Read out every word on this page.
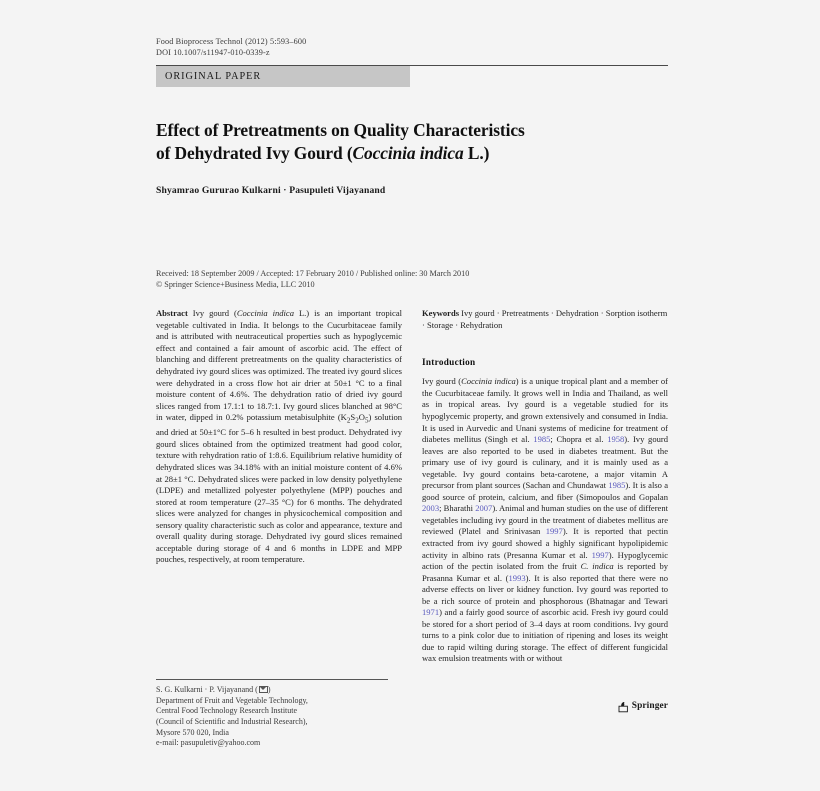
Food Bioprocess Technol (2012) 5:593–600
DOI 10.1007/s11947-010-0339-z
ORIGINAL PAPER
Effect of Pretreatments on Quality Characteristics
of Dehydrated Ivy Gourd (Coccinia indica L.)
Shyamrao Gururao Kulkarni · Pasupuleti Vijayanand
Received: 18 September 2009 / Accepted: 17 February 2010 / Published online: 30 March 2010
© Springer Science+Business Media, LLC 2010
Abstract Ivy gourd (Coccinia indica L.) is an important tropical vegetable cultivated in India. It belongs to the Cucurbitaceae family and is attributed with neutraceutical properties such as hypoglycemic effect and contained a fair amount of ascorbic acid. The effect of blanching and different pretreatments on the quality characteristics of dehydrated ivy gourd slices was optimized. The treated ivy gourd slices were dehydrated in a cross flow hot air drier at 50±1 °C to a final moisture content of 4.6%. The dehydration ratio of dried ivy gourd slices ranged from 17.1:1 to 18.7:1. Ivy gourd slices blanched at 98°C in water, dipped in 0.2% potassium metabisulphite $(K_2S_2O_5)$ solution and dried at 50±1°C for 5–6 h resulted in best product. Dehydrated ivy gourd slices obtained from the optimized treatment had good color, texture with rehydration ratio of 1:8.6. Equilibrium relative humidity of dehydrated slices was 34.18% with an initial moisture content of 4.6% at 28±1 °C. Dehydrated slices were packed in low density polyethylene (LDPE) and metallized polyester polyethylene (MPP) pouches and stored at room temperature (27–35 °C) for 6 months. The dehydrated slices were analyzed for changes in physicochemical composition and sensory quality characteristic such as color and appearance, texture and overall quality during storage. Dehydrated ivy gourd slices remained acceptable during storage of 4 and 6 months in LDPE and MPP pouches, respectively, at room temperature.
S. G. Kulkarni · P. Vijayanand ( )
Department of Fruit and Vegetable Technology,
Central Food Technology Research Institute
(Council of Scientific and Industrial Research),
Mysore 570 020, India
e-mail: pasupuletiv@yahoo.com
Keywords Ivy gourd · Pretreatments · Dehydration · Sorption isotherm · Storage · Rehydration
Introduction
Ivy gourd (Coccinia indica) is a unique tropical plant and a member of the Cucurbitaceae family. It grows well in India and Thailand, as well as in tropical areas. Ivy gourd is a vegetable studied for its hypoglycemic property, and grown extensively and consumed in India. It is used in Aurvedic and Unani systems of medicine for treatment of diabetes mellitus (Singh et al. 1985; Chopra et al. 1958). Ivy gourd leaves are also reported to be used in diabetes treatment. But the primary use of ivy gourd is culinary, and it is mainly used as a vegetable. Ivy gourd contains beta-carotene, a major vitamin A precursor from plant sources (Sachan and Chundawat 1985). It is also a good source of protein, calcium, and fiber (Simopoulos and Gopalan 2003; Bharathi 2007). Animal and human studies on the use of different vegetables including ivy gourd in the treatment of diabetes mellitus are reviewed (Platel and Srinivasan 1997). It is reported that pectin extracted from ivy gourd showed a highly significant hypolipidemic activity in albino rats (Presanna Kumar et al. 1997). Hypoglycemic action of the pectin isolated from the fruit C. indica is reported by Prasanna Kumar et al. (1993). It is also reported that there were no adverse effects on liver or kidney function. Ivy gourd was reported to be a rich source of protein and phosphorous (Bhatnagar and Tewari 1971) and a fairly good source of ascorbic acid. Fresh ivy gourd could be stored for a short period of 3–4 days at room conditions. Ivy gourd turns to a pink color due to initiation of ripening and loses its weight due to rapid wilting during storage. The effect of different fungicidal wax emulsion treatments with or without
Springer
